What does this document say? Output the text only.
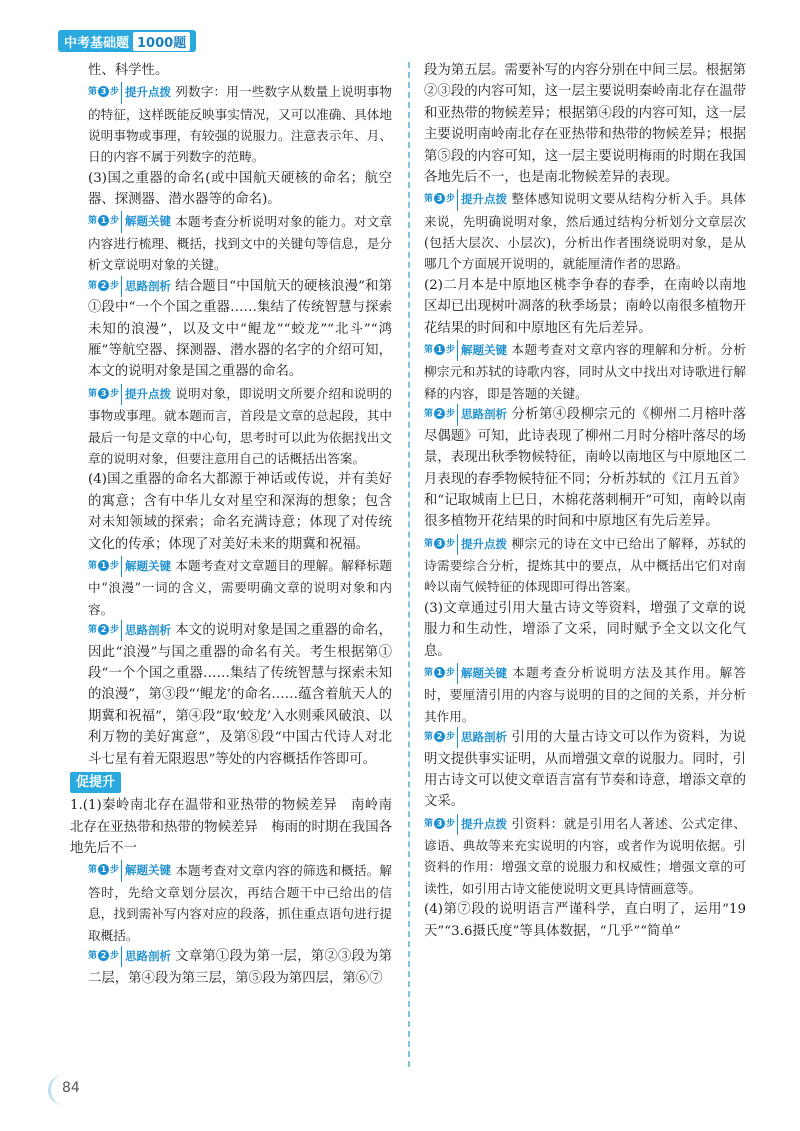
中考基础题 1000题

性、科学性。

第 3 步 提升点拨 列数字：用一些数字从数量上说明事物的特征，这样既能反映事实情况，又可以准确、具体地说明事物或事理，有较强的说服力。注意表示年、月、日的内容不属于列数字的范畴。

(3)国之重器的命名(或中国航天硬核的命名；航空器、探测器、潜水器等的命名)。

第 1 步 解题关键 本题考查分析说明对象的能力。对文章内容进行梳理、概括，找到文中的关键句等信息，是分析文章说明对象的关键。

第 2 步 思路剖析 结合题目“中国航天的硬核浪漫”和第①段中“一个个国之重器……集结了传统智慧与探索未知的浪漫”，以及文中“鲲龙”“蛟龙”“北斗”“鸿雁”等航空器、探测器、潜水器的名字的介绍可知，本文的说明对象是国之重器的命名。

第 3 步 提升点拨 说明对象，即说明文所要介绍和说明的事物或事理。就本题而言，首段是文章的总起段，其中最后一句是文章的中心句，思考时可以此为依据找出文章的说明对象，但要注意用自己的话概括出答案。

(4)国之重器的命名大都源于神话或传说，并有美好的寓意；含有中华儿女对星空和深海的想象；包含对未知领域的探索；命名充满诗意；体现了对传统文化的传承；体现了对美好未来的期冀和祝福。

第 1 步 解题关键 本题考查对文章题目的理解。解释标题中“浪漫”一词的含义，需要明确文章的说明对象和内容。

第 2 步 思路剖析 本文的说明对象是国之重器的命名，因此“浪漫”与国之重器的命名有关。考生根据第①段“一个个国之重器……集结了传统智慧与探索未知的浪漫”，第③段“‘鲲龙’的命名……蕴含着航天人的期冀和祝福”，第④段“取‘蛟龙’入水则乘风破浪、以利万物的美好寓意”，及第⑧段“中国古代诗人对北斗七星有着无限遐思”等处的内容概括作答即可。

促提升

1.(1)秦岭南北存在温带和亚热带的物候差异　南岭南北存在亚热带和热带的物候差异　梅雨的时期在我国各地先后不一

第 1 步 解题关键 本题考查对文章内容的筛选和概括。解答时，先给文章划分层次，再结合题干中已给出的信息，找到需补写内容对应的段落，抓住重点语句进行提取概括。

第 2 步 思路剖析 文章第①段为第一层，第②③段为第二层，第④段为第三层，第⑤段为第四层，第⑥⑦

段为第五层。需要补写的内容分别在中间三层。根据第②③段的内容可知，这一层主要说明秦岭南北存在温带和亚热带的物候差异；根据第④段的内容可知，这一层主要说明南岭南北存在亚热带和热带的物候差异；根据第⑤段的内容可知，这一层主要说明梅雨的时期在我国各地先后不一，也是南北物候差异的表现。

第 3 步 提升点拨 整体感知说明文要从结构分析入手。具体来说，先明确说明对象，然后通过结构分析划分文章层次(包括大层次、小层次)，分析出作者围绕说明对象，是从哪几个方面展开说明的，就能厘清作者的思路。

(2)二月本是中原地区桃李争春的春季，在南岭以南地区却已出现树叶凋落的秋季场景；南岭以南很多植物开花结果的时间和中原地区有先后差异。

第 1 步 解题关键 本题考查对文章内容的理解和分析。分析柳宗元和苏轼的诗歌内容，同时从文中找出对诗歌进行解释的内容，即是答题的关键。

第 2 步 思路剖析 分析第④段柳宗元的《柳州二月榕叶落尽偶题》可知，此诗表现了柳州二月时分榕叶落尽的场景，表现出秋季物候特征，南岭以南地区与中原地区二月表现的春季物候特征不同；分析苏轼的《江月五首》和“记取城南上巳日，木棉花落刺桐开”可知，南岭以南很多植物开花结果的时间和中原地区有先后差异。

第 3 步 提升点拨 柳宗元的诗在文中已给出了解释，苏轼的诗需要综合分析，提炼其中的要点，从中概括出它们对南岭以南气候特征的体现即可得出答案。

(3)文章通过引用大量古诗文等资料，增强了文章的说服力和生动性，增添了文采，同时赋予全文以文化气息。

第 1 步 解题关键 本题考查分析说明方法及其作用。解答时，要厘清引用的内容与说明的目的之间的关系，并分析其作用。

第 2 步 思路剖析 引用的大量古诗文可以作为资料，为说明文提供事实证明，从而增强文章的说服力。同时，引用古诗文可以使文章语言富有节奏和诗意，增添文章的文采。

第 3 步 提升点拨 引资料：就是引用名人著述、公式定律、谚语、典故等来充实说明的内容，或者作为说明依据。引资料的作用：增强文章的说服力和权威性；增强文章的可读性，如引用古诗文能使说明文更具诗情画意等。

(4)第⑦段的说明语言严谨科学，直白明了，运用“19天”“3.6摄氏度”等具体数据，“几乎”“简单”

84
